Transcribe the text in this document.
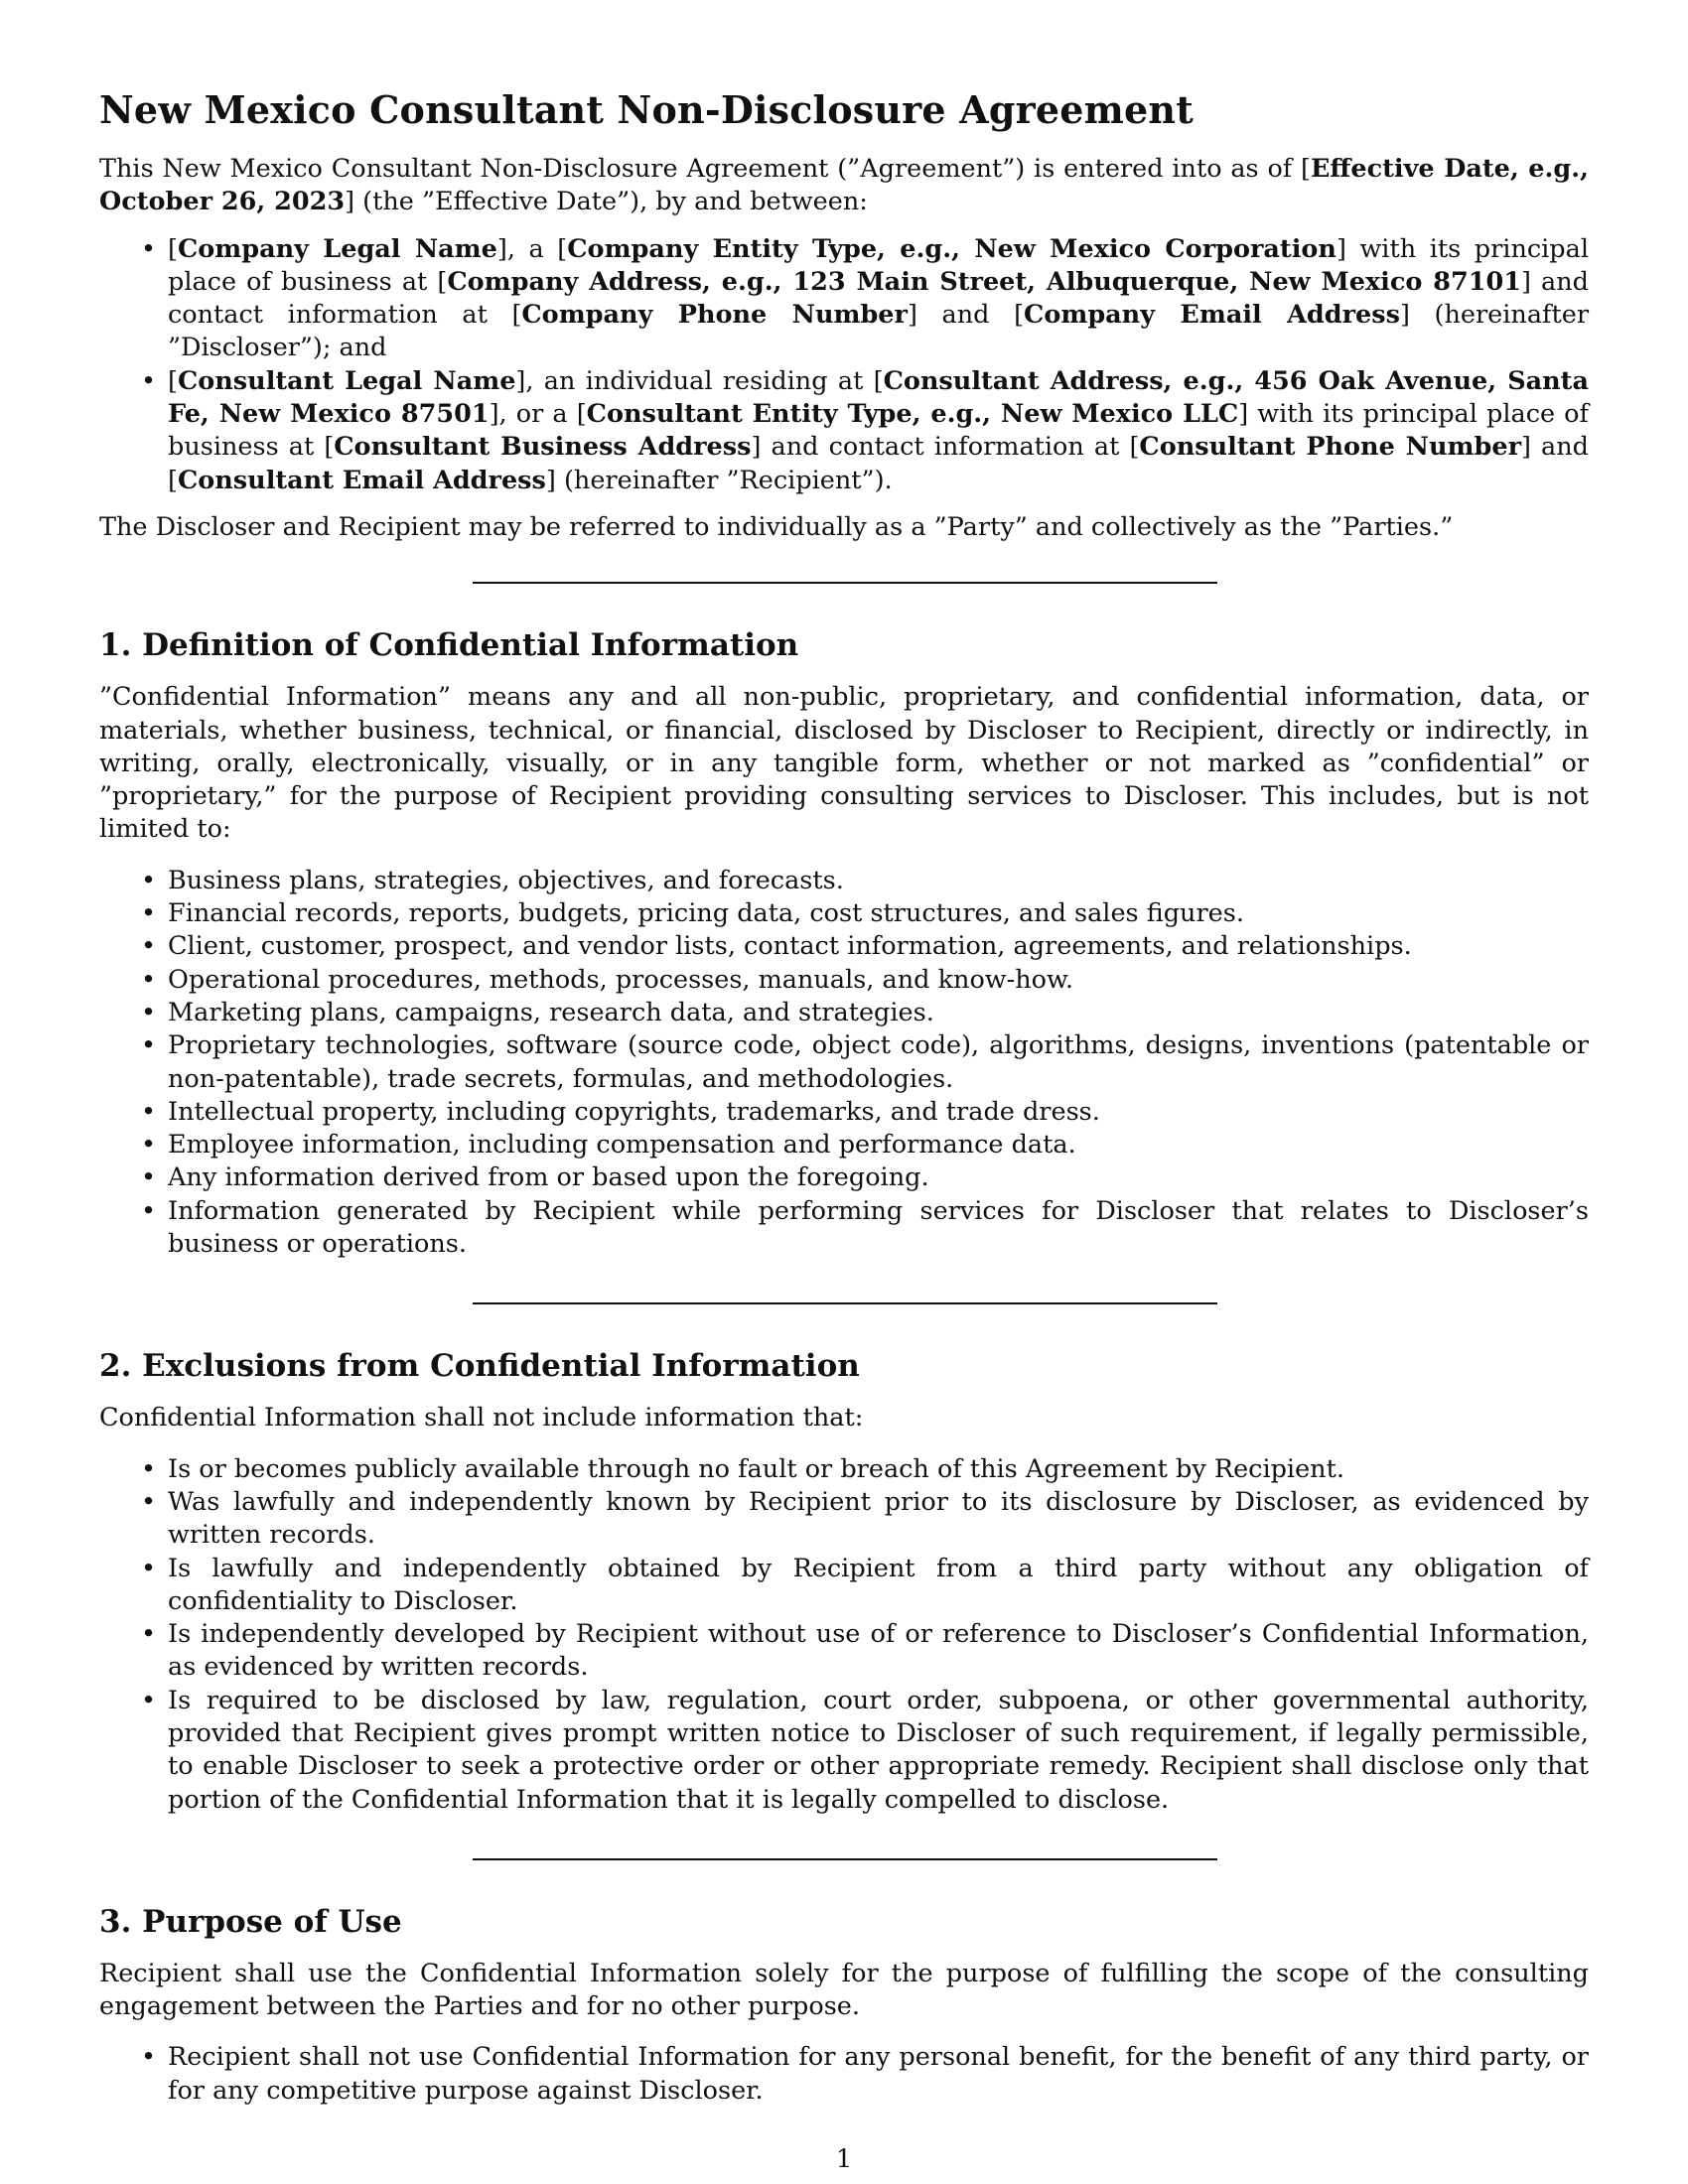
New Mexico Consultant Non-Disclosure Agreement

This New Mexico Consultant Non-Disclosure Agreement (”Agreement”) is entered into as of [Effective Date, e.g., October 26, 2023] (the ”Effective Date”), by and between:

• [Company Legal Name], a [Company Entity Type, e.g., New Mexico Corporation] with its principal place of business at [Company Address, e.g., 123 Main Street, Albuquerque, New Mexico 87101] and contact information at [Company Phone Number] and [Company Email Address] (hereinafter ”Discloser”); and
• [Consultant Legal Name], an individual residing at [Consultant Address, e.g., 456 Oak Avenue, Santa Fe, New Mexico 87501], or a [Consultant Entity Type, e.g., New Mexico LLC] with its principal place of business at [Consultant Business Address] and contact information at [Consultant Phone Number] and [Consultant Email Address] (hereinafter ”Recipient”).

The Discloser and Recipient may be referred to individually as a ”Party” and collectively as the ”Parties.”

1. Definition of Confidential Information

”Confidential Information” means any and all non-public, proprietary, and confidential information, data, or materials, whether business, technical, or financial, disclosed by Discloser to Recipient, directly or indirectly, in writing, orally, electronically, visually, or in any tangible form, whether or not marked as ”confidential” or ”proprietary,” for the purpose of Recipient providing consulting services to Discloser. This includes, but is not limited to:

• Business plans, strategies, objectives, and forecasts.
• Financial records, reports, budgets, pricing data, cost structures, and sales figures.
• Client, customer, prospect, and vendor lists, contact information, agreements, and relationships.
• Operational procedures, methods, processes, manuals, and know-how.
• Marketing plans, campaigns, research data, and strategies.
• Proprietary technologies, software (source code, object code), algorithms, designs, inventions (patentable or non-patentable), trade secrets, formulas, and methodologies.
• Intellectual property, including copyrights, trademarks, and trade dress.
• Employee information, including compensation and performance data.
• Any information derived from or based upon the foregoing.
• Information generated by Recipient while performing services for Discloser that relates to Discloser’s business or operations.
2. Exclusions from Confidential Information

Confidential Information shall not include information that:

• Is or becomes publicly available through no fault or breach of this Agreement by Recipient.
• Was lawfully and independently known by Recipient prior to its disclosure by Discloser, as evidenced by written records.
• Is lawfully and independently obtained by Recipient from a third party without any obligation of confidentiality to Discloser.
• Is independently developed by Recipient without use of or reference to Discloser’s Confidential Information, as evidenced by written records.
• Is required to be disclosed by law, regulation, court order, subpoena, or other governmental authority, provided that Recipient gives prompt written notice to Discloser of such requirement, if legally permissible, to enable Discloser to seek a protective order or other appropriate remedy. Recipient shall disclose only that portion of the Confidential Information that it is legally compelled to disclose.
3. Purpose of Use

Recipient shall use the Confidential Information solely for the purpose of fulfilling the scope of the consulting engagement between the Parties and for no other purpose.

• Recipient shall not use Confidential Information for any personal benefit, for the benefit of any third party, or for any competitive purpose against Discloser.
1
